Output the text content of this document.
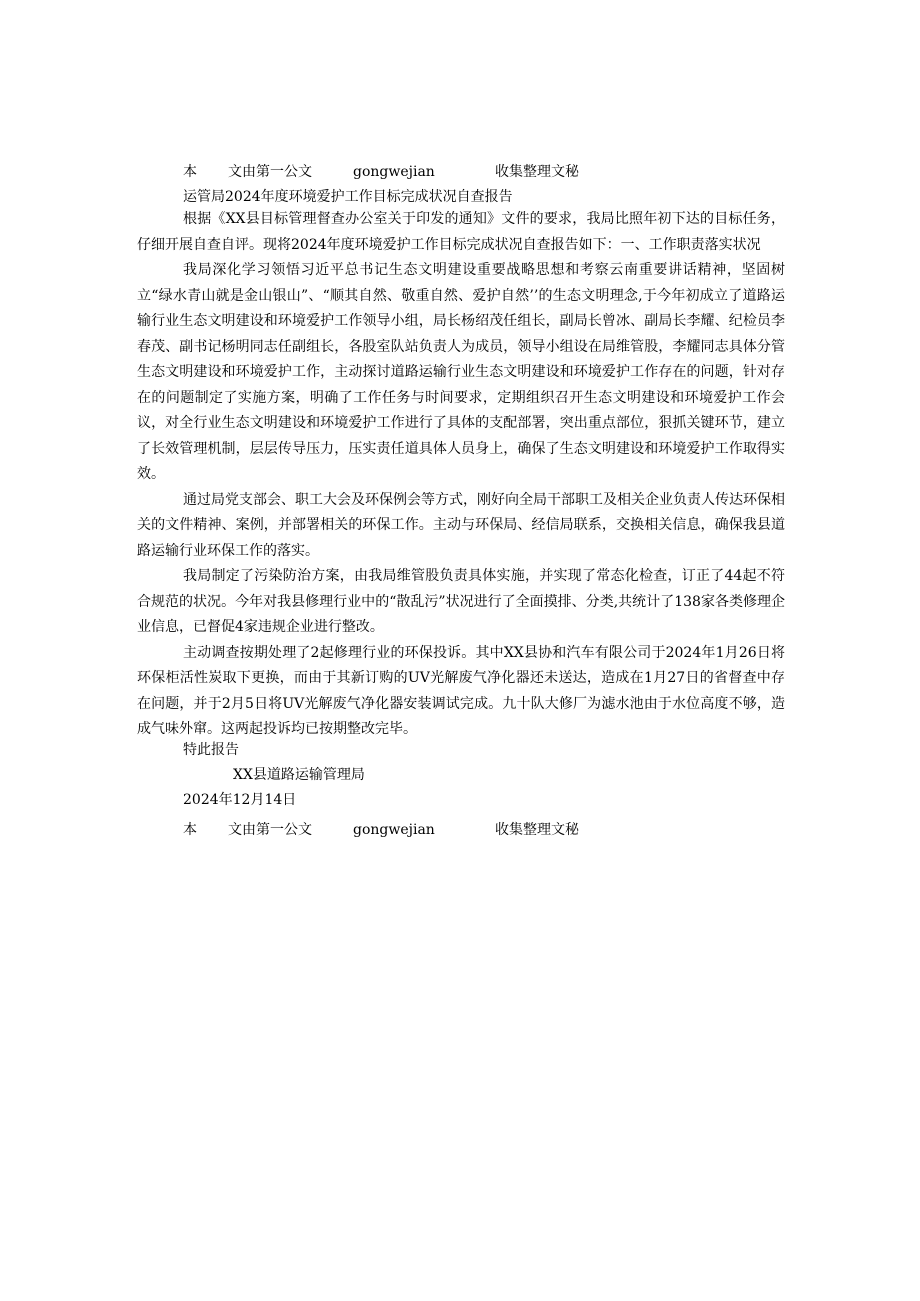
本 文由第一公文	gongwejian	收集整理文秘
运管局2024年度环境爱护工作目标完成状况自查报告

根据《XX县目标管理督查办公室关于印发的通知》文件的要求，我局比照年初下达的目标任务，仔细开展自查自评。现将2024年度环境爱护工作目标完成状况自查报告如下：一、工作职责落实状况

我局深化学习领悟习近平总书记生态文明建设重要战略思想和考察云南重要讲话精神，坚固树立“绿水青山就是金山银山”、“顺其自然、敬重自然、爱护自然’’的生态文明理念,于今年初成立了道路运输行业生态文明建设和环境爱护工作领导小组，局长杨绍茂任组长，副局长曾冰、副局长李耀、纪检员李春茂、副书记杨明同志任副组长，各股室队站负责人为成员，领导小组设在局维管股，李耀同志具体分管生态文明建设和环境爱护工作，主动探讨道路运输行业生态文明建设和环境爱护工作存在的问题，针对存在的问题制定了实施方案，明确了工作任务与时间要求，定期组织召开生态文明建设和环境爱护工作会议，对全行业生态文明建设和环境爱护工作进行了具体的支配部署，突出重点部位，狠抓关键环节，建立了长效管理机制，层层传导压力，压实责任道具体人员身上，确保了生态文明建设和环境爱护工作取得实效。

通过局党支部会、职工大会及环保例会等方式，刚好向全局干部职工及相关企业负责人传达环保相关的文件精神、案例，并部署相关的环保工作。主动与环保局、经信局联系，交换相关信息，确保我县道路运输行业环保工作的落实。

我局制定了污染防治方案，由我局维管股负责具体实施，并实现了常态化检查，订正了44起不符合规范的状况。今年对我县修理行业中的“散乱污”状况进行了全面摸排、分类,共统计了138家各类修理企业信息，已督促4家违规企业进行整改。

主动调查按期处理了2起修理行业的环保投诉。其中XX县协和汽车有限公司于2024年1月26日将环保柜活性炭取下更换，而由于其新订购的UV光解废气净化器还未送达，造成在1月27日的省督查中存在问题，并于2月5日将UV光解废气净化器安装调试完成。九十队大修厂为滤水池由于水位高度不够，造成气味外窜。这两起投诉均已按期整改完毕。

特此报告
XX县道路运输管理局
2024年12月14日
本 文由第一公文	gongwejian	收集整理文秘
